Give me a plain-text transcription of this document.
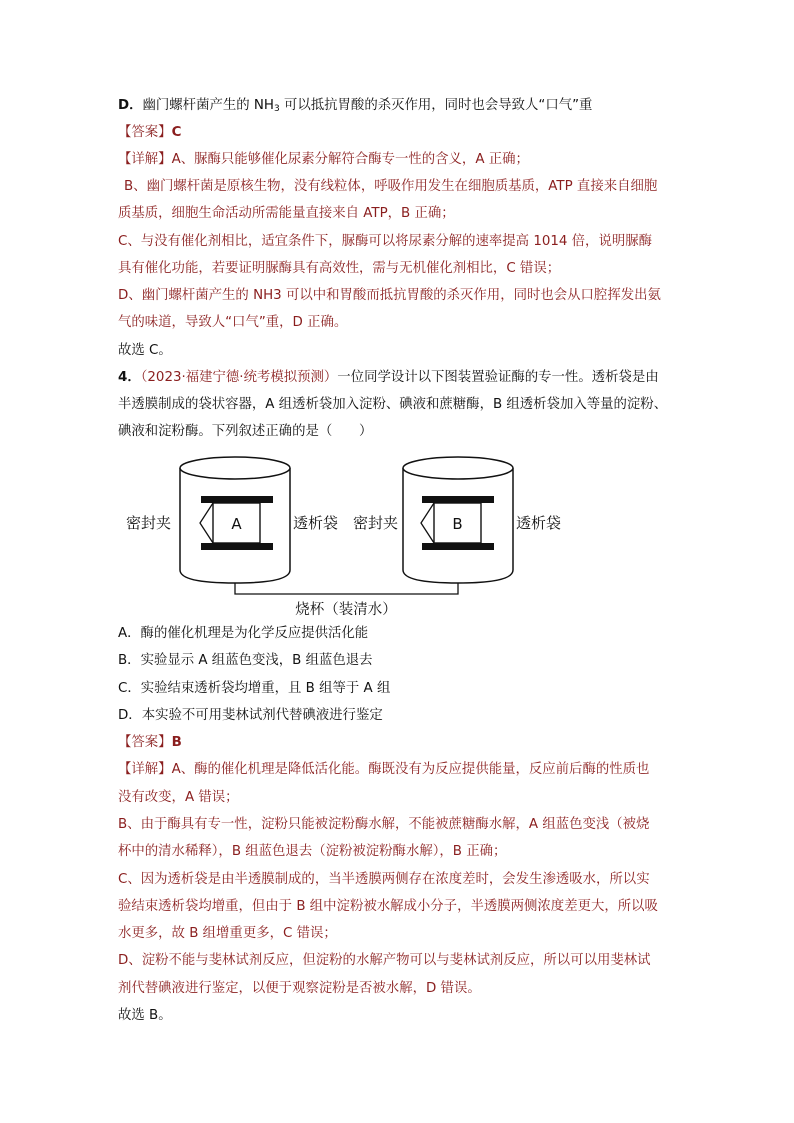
D．幽门螺杆菌产生的 $NH_3$ 可以抵抗胃酸的杀灭作用，同时也会导致人“口气”重
【答案】C
【详解】A、脲酶只能够催化尿素分解符合酶专一性的含义，A 正确；
B、幽门螺杆菌是原核生物，没有线粒体，呼吸作用发生在细胞质基质，ATP 直接来自细胞
质基质，细胞生命活动所需能量直接来自 ATP，B 正确；
C、与没有催化剂相比，适宜条件下，脲酶可以将尿素分解的速率提高 1014 倍，说明脲酶
具有催化功能，若要证明脲酶具有高效性，需与无机催化剂相比，C 错误；
D、幽门螺杆菌产生的 NH3 可以中和胃酸而抵抗胃酸的杀灭作用，同时也会从口腔挥发出氨
气的味道，导致人“口气”重，D 正确。
故选 C。
4．（2023·福建宁德·统考模拟预测）一位同学设计以下图装置验证酶的专一性。透析袋是由
半透膜制成的袋状容器，A 组透析袋加入淀粉、碘液和蔗糖酶，B 组透析袋加入等量的淀粉、
碘液和淀粉酶。下列叙述正确的是（　　）
A
密封夹	透析袋	B
密封夹	透析袋
烧杯（装清水）
A．酶的催化机理是为化学反应提供活化能
B．实验显示 A 组蓝色变浅，B 组蓝色退去
C．实验结束透析袋均增重，且 B 组等于 A 组
D．本实验不可用斐林试剂代替碘液进行鉴定
【答案】B
【详解】A、酶的催化机理是降低活化能。酶既没有为反应提供能量，反应前后酶的性质也
没有改变，A 错误；
B、由于酶具有专一性，淀粉只能被淀粉酶水解，不能被蔗糖酶水解，A 组蓝色变浅（被烧
杯中的清水稀释），B 组蓝色退去（淀粉被淀粉酶水解），B 正确；
C、因为透析袋是由半透膜制成的，当半透膜两侧存在浓度差时，会发生渗透吸水，所以实
验结束透析袋均增重，但由于 B 组中淀粉被水解成小分子，半透膜两侧浓度差更大，所以吸
水更多，故 B 组增重更多，C 错误；
D、淀粉不能与斐林试剂反应，但淀粉的水解产物可以与斐林试剂反应，所以可以用斐林试
剂代替碘液进行鉴定，以便于观察淀粉是否被水解，D 错误。
故选 B。
